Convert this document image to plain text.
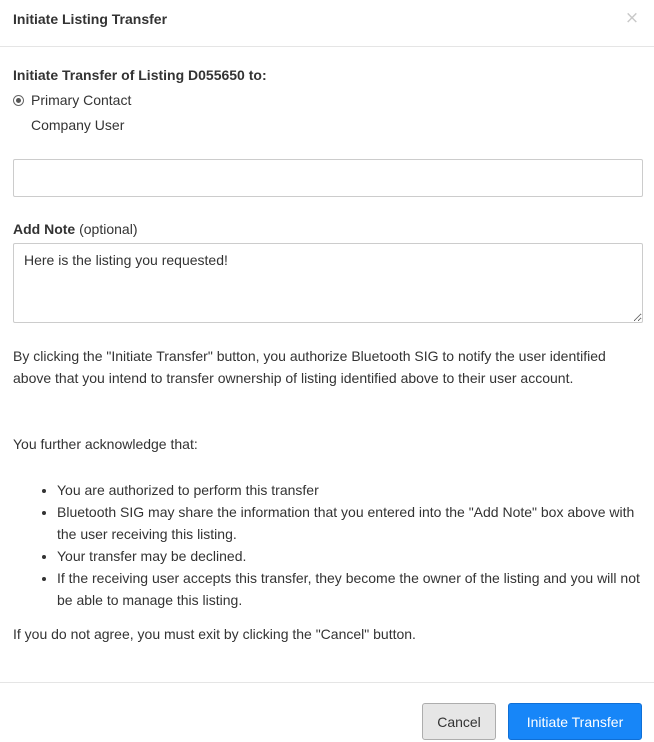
Initiate Listing Transfer	×
Initiate Transfer of Listing D055650 to:
Primary Contact
Company User
Add Note (optional)
Here is the listing you requested!

By clicking the "Initiate Transfer" button, you authorize Bluetooth SIG to notify the user identified above that you intend to transfer ownership of listing identified above to their user account.

You further acknowledge that:

• You are authorized to perform this transfer
• Bluetooth SIG may share the information that you entered into the "Add Note" box above with the user receiving this listing.
• Your transfer may be declined.
• If the receiving user accepts this transfer, they become the owner of the listing and you will not be able to manage this listing.

If you do not agree, you must exit by clicking the "Cancel" button.

Cancel	Initiate Transfer
